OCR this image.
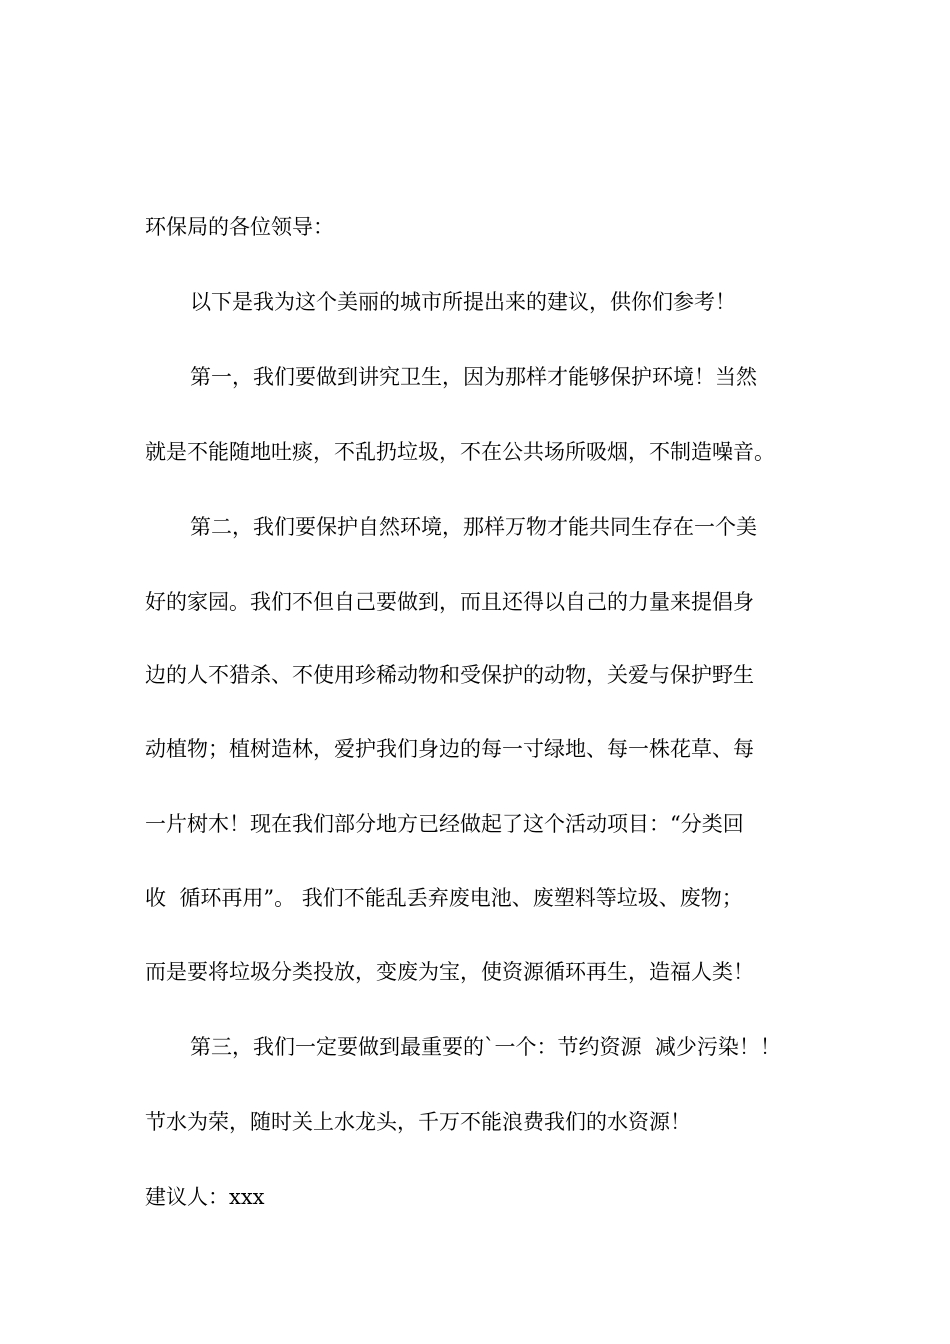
环保局的各位领导：
以下是我为这个美丽的城市所提出来的建议，供你们参考！
第一，我们要做到讲究卫生，因为那样才能够保护环境！当然
就是不能随地吐痰，不乱扔垃圾，不在公共场所吸烟，不制造噪音。
第二，我们要保护自然环境，那样万物才能共同生存在一个美
好的家园。我们不但自己要做到，而且还得以自己的力量来提倡身
边的人不猎杀、不使用珍稀动物和受保护的动物，关爱与保护野生
动植物；植树造林，爱护我们身边的每一寸绿地、每一株花草、每
一片树木！现在我们部分地方已经做起了这个活动项目：“分类回
收  循环再用”。 我们不能乱丢弃废电池、废塑料等垃圾、废物；
而是要将垃圾分类投放，变废为宝，使资源循环再生，造福人类！
第三，我们一定要做到最重要的`一个：节约资源  减少污染！！
节水为荣，随时关上水龙头，千万不能浪费我们的水资源！
建议人：xxx
